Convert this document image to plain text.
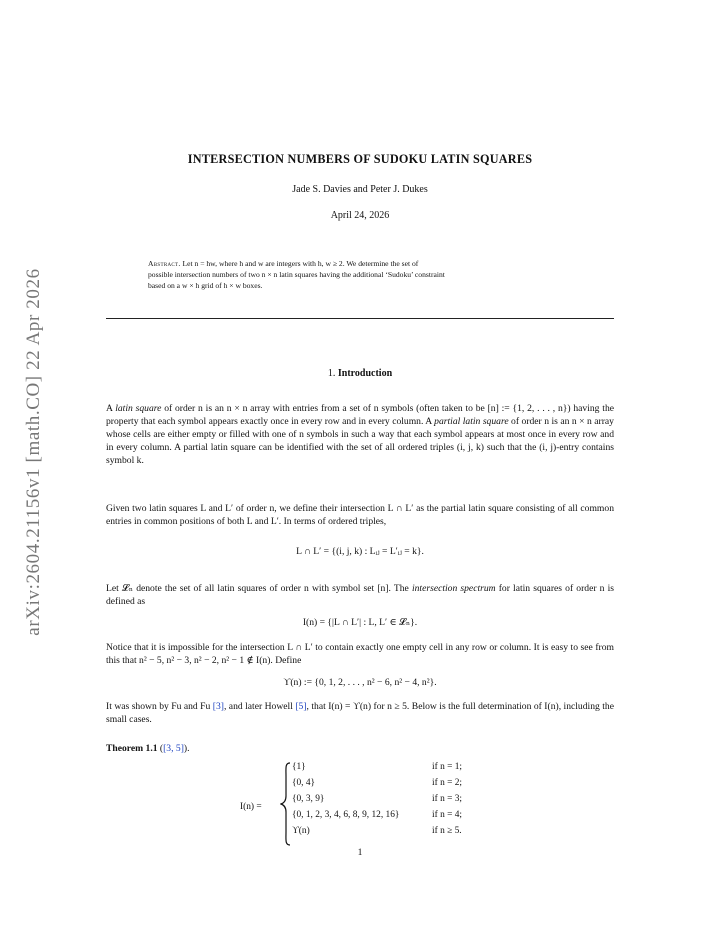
arXiv:2604.21156v1 [math.CO] 22 Apr 2026
INTERSECTION NUMBERS OF SUDOKU LATIN SQUARES
Jade S. Davies and Peter J. Dukes
April 24, 2026
Abstract. Let n = hw, where h and w are integers with h, w ≥ 2. We determine the set of
possible intersection numbers of two n × n latin squares having the additional ‘Sudoku’ constraint
based on a w × h grid of h × w boxes.
1. Introduction
A latin square of order n is an n × n array with entries from a set of n symbols (often taken to be [n] := {1, 2, . . . , n}) having the property that each symbol appears exactly once in every row and in every column. A partial latin square of order n is an n × n array whose cells are either empty or filled with one of n symbols in such a way that each symbol appears at most once in every row and in every column. A partial latin square can be identified with the set of all ordered triples (i, j, k) such that the (i, j)-entry contains symbol k.
Given two latin squares L and L′ of order n, we define their intersection L ∩ L′ as the partial latin square consisting of all common entries in common positions of both L and L′. In terms of ordered triples,
L ∩ L′ = {(i, j, k) : Lᵢⱼ = L′ᵢⱼ = k}.
Let 𝓛ₙ denote the set of all latin squares of order n with symbol set [n]. The intersection spectrum for latin squares of order n is defined as
I(n) = {|L ∩ L′| : L, L′ ∈ 𝓛ₙ}.
Notice that it is impossible for the intersection L ∩ L′ to contain exactly one empty cell in any row or column. It is easy to see from this that n² − 5, n² − 3, n² − 2, n² − 1 ∉ I(n). Define
ϒ(n) := {0, 1, 2, . . . , n² − 6, n² − 4, n²}.
It was shown by Fu and Fu [3], and later Howell [5], that I(n) = ϒ(n) for n ≥ 5. Below is the full determination of I(n), including the small cases.
Theorem 1.1 ([3, 5]).
I(n) =
{1}	if n = 1;
{0, 4}	if n = 2;
{0, 3, 9}	if n = 3;
{0, 1, 2, 3, 4, 6, 8, 9, 12, 16}	if n = 4;
ϒ(n)	if n ≥ 5.
1
